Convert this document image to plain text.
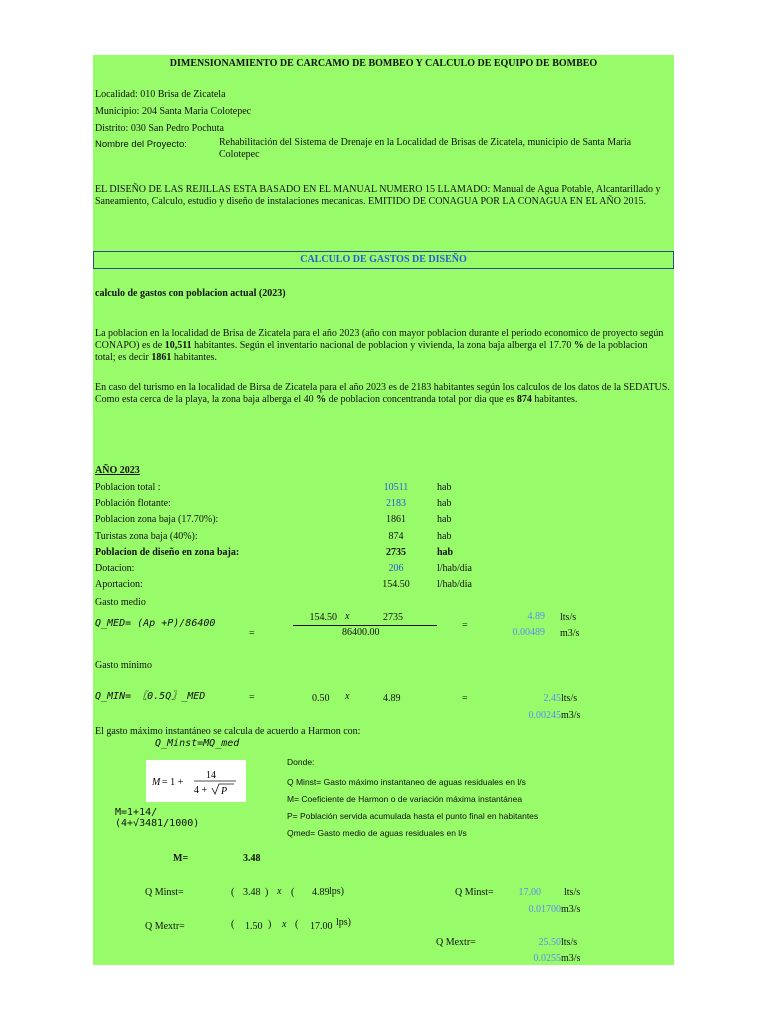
DIMENSIONAMIENTO DE CARCAMO DE BOMBEO Y CALCULO DE EQUIPO DE BOMBEO
Localidad: 010 Brisa de Zicatela
Municipio: 204 Santa Maria Colotepec
Distrito: 030 San Pedro Pochuta
Nombre del Proyecto:	Rehabilitación del Sistema de Drenaje en la Localidad de Brisas de Zicatela, municipio de Santa Maria Colotepec
EL DISEÑO DE LAS REJILLAS ESTA BASADO EN EL MANUAL NUMERO 15 LLAMADO: Manual de Agua Potable, Alcantarillado y Saneamiento, Calculo, estudio y diseño de instalaciones mecanicas. EMITIDO DE CONAGUA POR LA CONAGUA EN EL AÑO 2015.
CALCULO DE GASTOS DE DISEÑO
calculo de gastos con poblacion actual (2023)
La poblacion en la localidad de Brisa de Zicatela para el año 2023 (año con mayor poblacion durante el periodo economico de proyecto según CONAPO) es de 10,511 habitantes. Según el inventario nacional de poblacion y vivienda, la zona baja alberga el 17.70 % de la poblacion total; es decir 1861 habitantes.
En caso del turismo en la localidad de Birsa de Zicatela para el año 2023 es de 2183 habitantes según los calculos de los datos de la SEDATUS. Como esta cerca de la playa, la zona baja alberga el 40 % de poblacion concentranda total por dia que es 874 habitantes.
AÑO 2023
Poblacion total :	10511	hab
Población flotante:	2183	hab
Poblacion zona baja (17.70%):	1861	hab
Turistas zona baja (40%):	874	hab
Poblacion de diseño en zona baja:	2735	hab
Dotacion:	206	l/hab/dia
Aportacion:	154.50	l/hab/dia
Gasto medio
Q_MED= (Ap +P)/86400
154.50 x	2735
86400.00
=
=
4.89 lts/s
0.00489 m3/s
Gasto minimo
Q_MIN= 〖0.5Q〗_MED	=	0.50 x	4.89	=	2.45 lts/s
0.00245 m3/s
El gasto máximo instantáneo se calcula de acuerdo a Harmon con:
Q_Minst=MQ_med
M = 1 +
14
4 + P
Donde:
Q Minst= Gasto máximo instantaneo de aguas residuales en l/s
M= Coeficiente de Harmon o de variación máxima instantánea
P= Población servida acumulada hasta el punto final en habitantes
Qmed= Gasto medio de aguas residuales en l/s
M=1+14/
(4+√3481/1000)
M=	3.48
Q Minst=	( 3.48 ) x ( 4.89 lps)	Q Minst=	17.00 lts/s
0.01700 m3/s
Q Mextr=	( 1.50 ) x ( 17.00 lps)
Q Mextr=	25.50 lts/s
0.0255 m3/s
